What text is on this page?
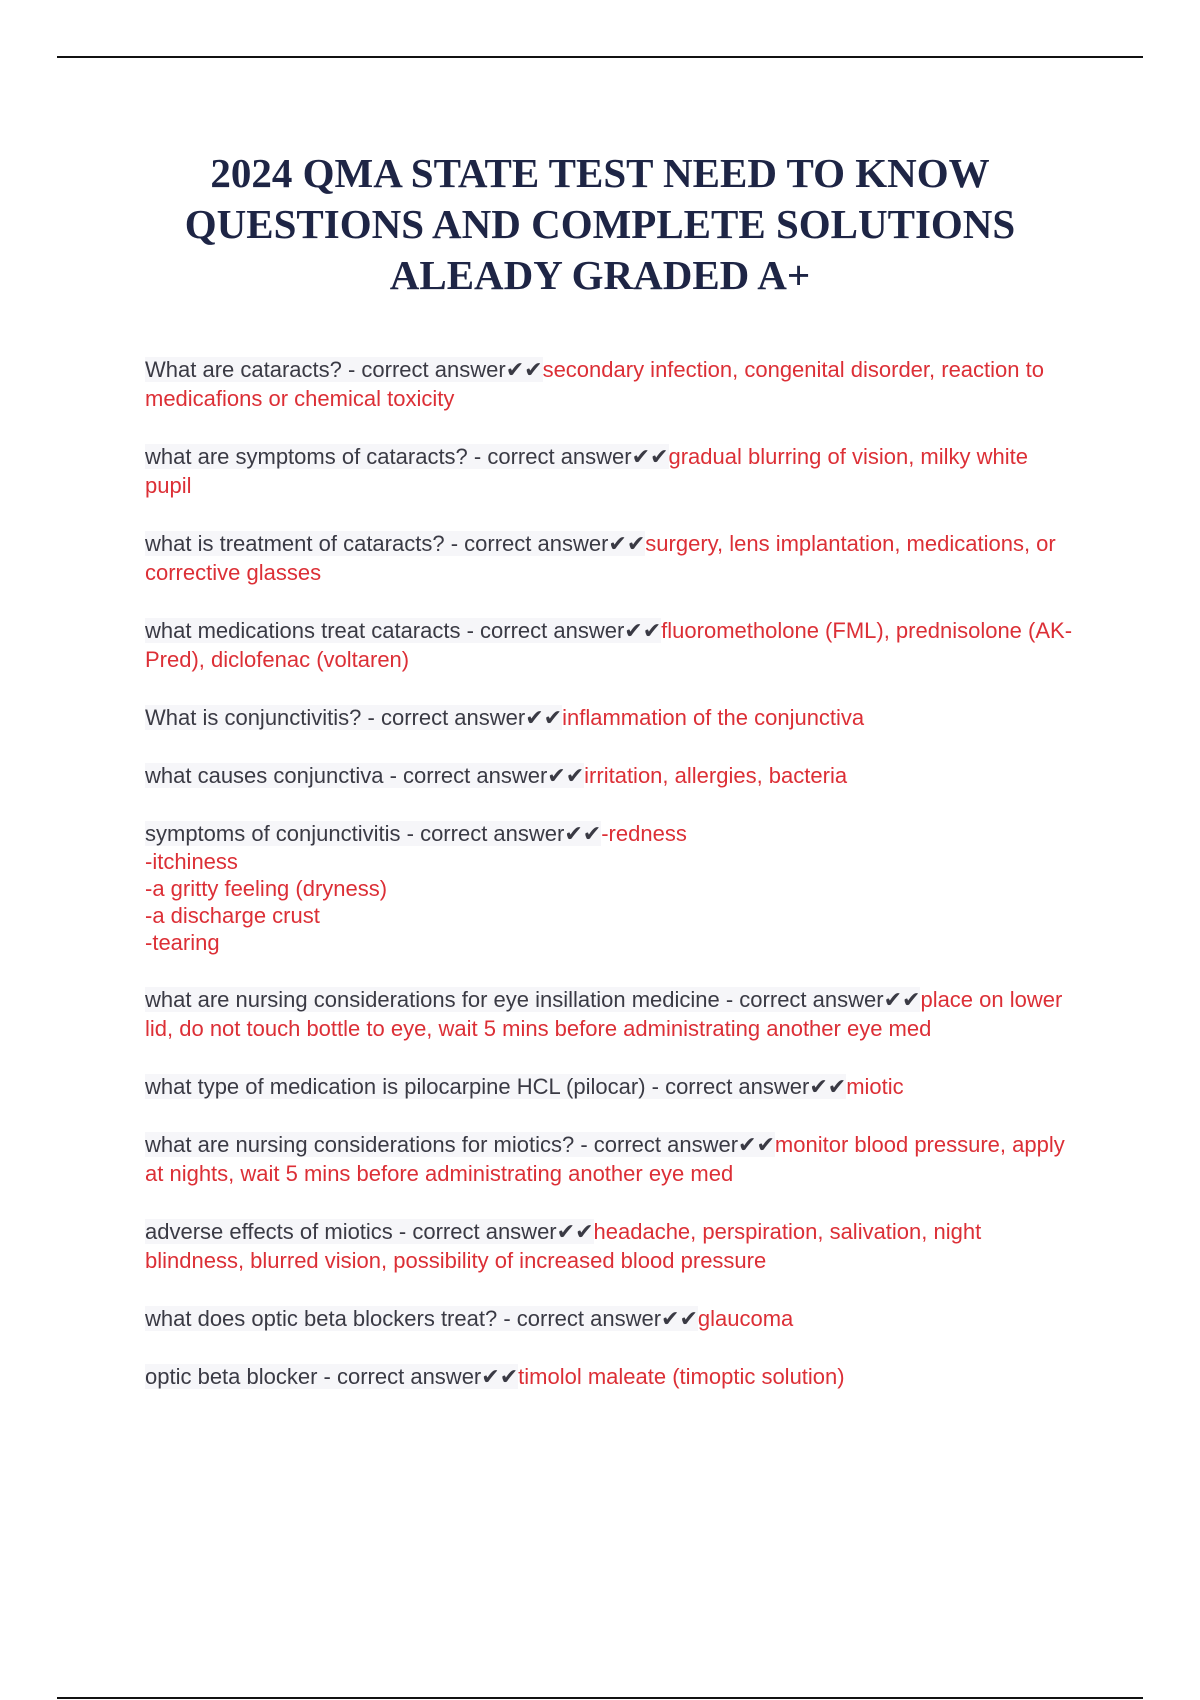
2024 QMA STATE TEST NEED TO KNOW
QUESTIONS AND COMPLETE SOLUTIONS
ALEADY GRADED A+
What are cataracts? - correct answer✔✔secondary infection, congenital disorder, reaction to medicafions or chemical toxicity
what are symptoms of cataracts? - correct answer✔✔gradual blurring of vision, milky white pupil
what is treatment of cataracts? - correct answer✔✔surgery, lens implantation, medications, or corrective glasses
what medications treat cataracts - correct answer✔✔fluorometholone (FML), prednisolone (AK-Pred), diclofenac (voltaren)
What is conjunctivitis? - correct answer✔✔inflammation of the conjunctiva
what causes conjunctiva - correct answer✔✔irritation, allergies, bacteria
symptoms of conjunctivitis - correct answer✔✔-redness
-itchiness
-a gritty feeling (dryness)
-a discharge crust
-tearing
what are nursing considerations for eye insillation medicine - correct answer✔✔place on lower lid, do not touch bottle to eye, wait 5 mins before administrating another eye med
what type of medication is pilocarpine HCL (pilocar) - correct answer✔✔miotic
what are nursing considerations for miotics? - correct answer✔✔monitor blood pressure, apply at nights, wait 5 mins before administrating another eye med
adverse effects of miotics - correct answer✔✔headache, perspiration, salivation, night blindness, blurred vision, possibility of increased blood pressure
what does optic beta blockers treat? - correct answer✔✔glaucoma
optic beta blocker - correct answer✔✔timolol maleate (timoptic solution)
